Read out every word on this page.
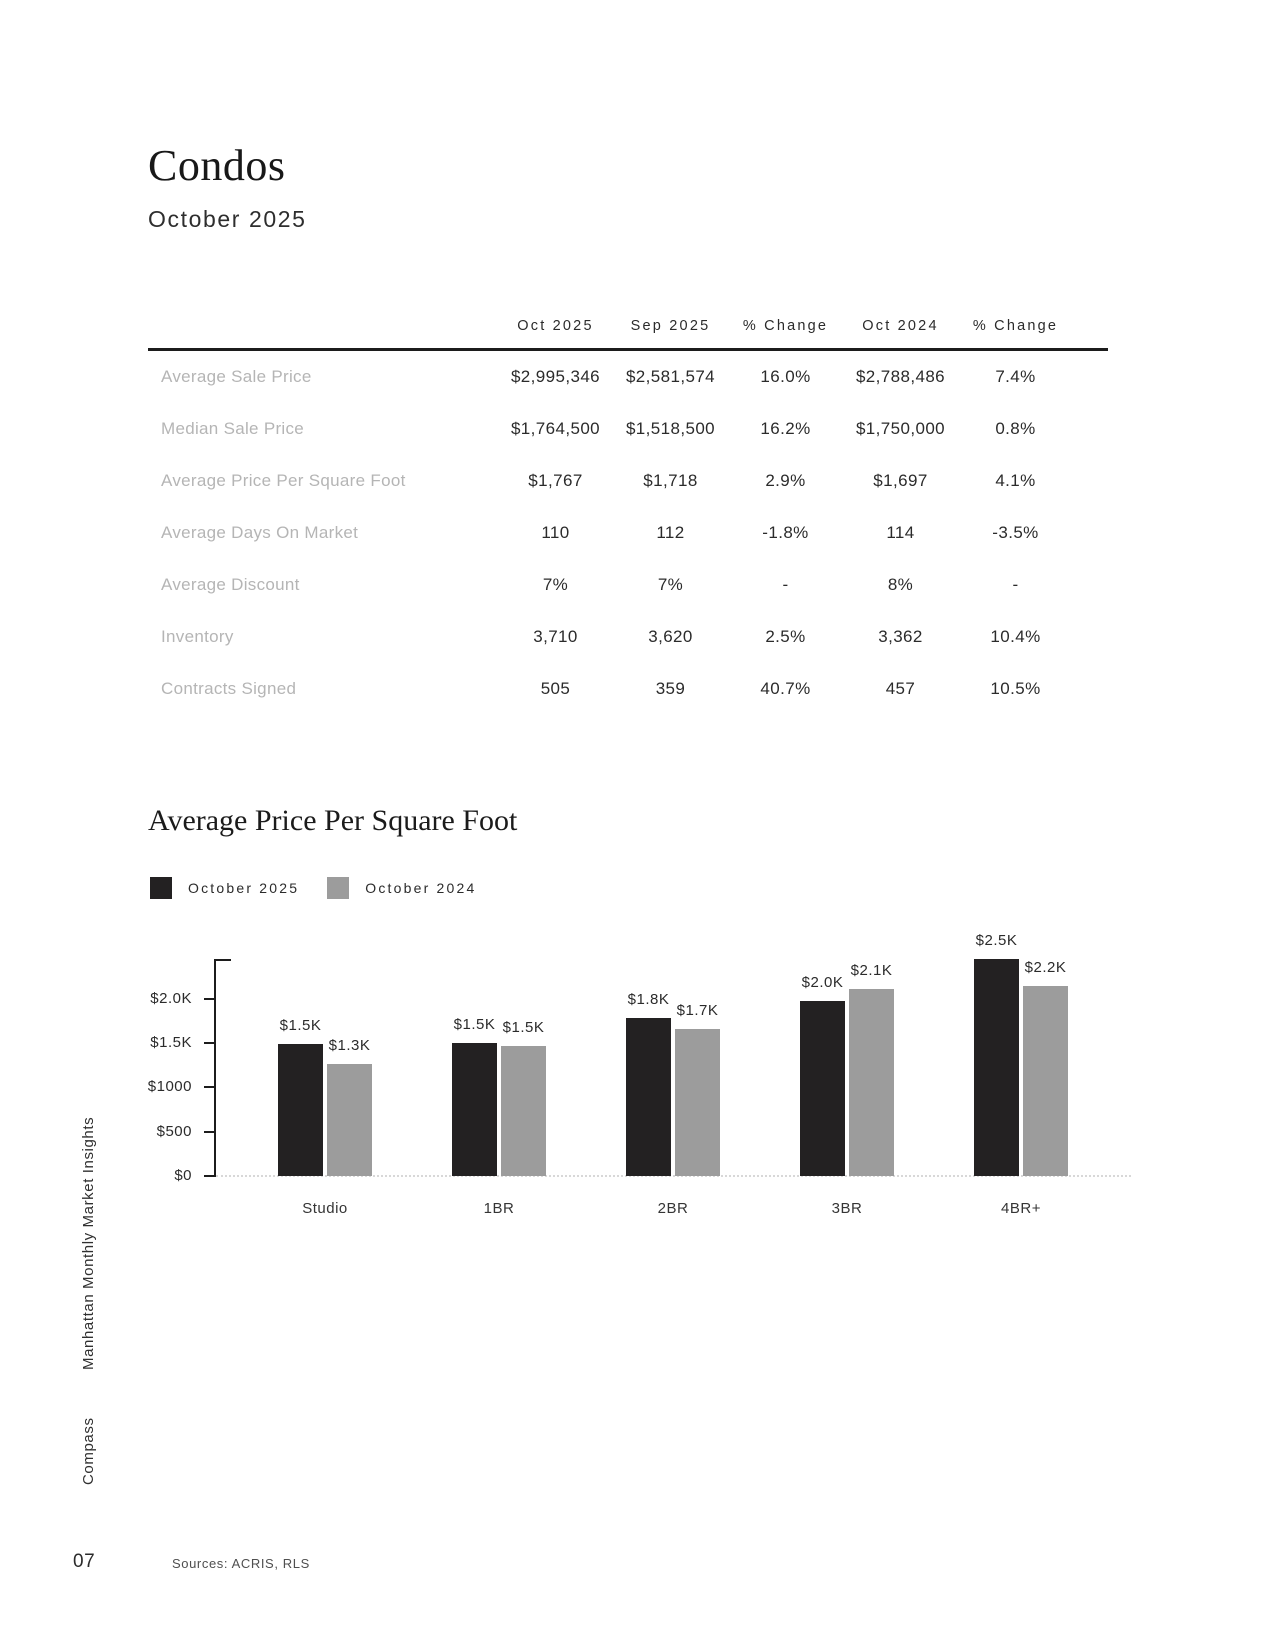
Condos
October 2025
Oct 2025	Sep 2025	% Change	Oct 2024	% Change
Average Sale Price	$2,995,346	$2,581,574	16.0%	$2,788,486	7.4%
Median Sale Price	$1,764,500	$1,518,500	16.2%	$1,750,000	0.8%
Average Price Per Square Foot	$1,767	$1,718	2.9%	$1,697	4.1%
Average Days On Market	110	112	-1.8%	114	-3.5%
Average Discount	7%	7%	-	8%	-
Inventory	3,710	3,620	2.5%	3,362	10.4%
Contracts Signed	505	359	40.7%	457	10.5%
Average Price Per Square Foot
October 2025	October 2024
$2.0K
$1.5K
$1000
$500
$0
$1.5K
$1.3K
Studio
$1.5K $1.5K
1BR
$1.8K
$1.7K
2BR
$2.0K
$2.1K
3BR
$2.5K
$2.2K
4BR+
Manhattan Monthly Market Insights
Compass
07	Sources: ACRIS, RLS
